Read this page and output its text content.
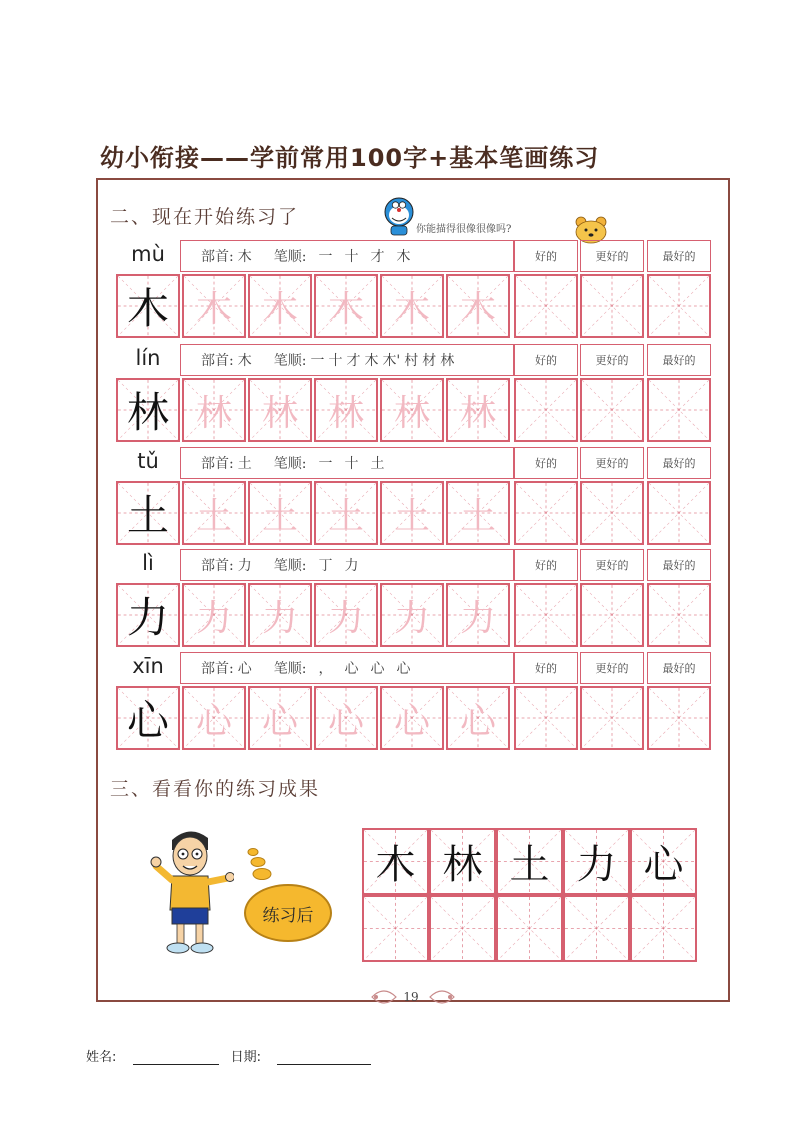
幼小衔接——学前常用100字+基本笔画练习
二、现在开始练习了
你能描得很像很像吗?
mù	部首: 木 笔顺: 一 十 才 木	好的	更好的	最好的
木 木 木 木 木 木
lín	部首: 木 笔顺: 一 十 才 木 木' 村 材 林	好的	更好的	最好的
林 林 林 林 林 林
tǔ	部首: 土 笔顺: 一 十 土	好的	更好的	最好的
土 土 土 土 土 土
lì	部首: 力 笔顺: 丁 力	好的	更好的	最好的
力 力 力 力 力 力
xīn	部首: 心 笔顺: ， 心 心 心	好的	更好的	最好的
心 心 心 心 心 心
三、看看你的练习成果
练习后
木 林 土 力 心
19
姓名:	日期:
